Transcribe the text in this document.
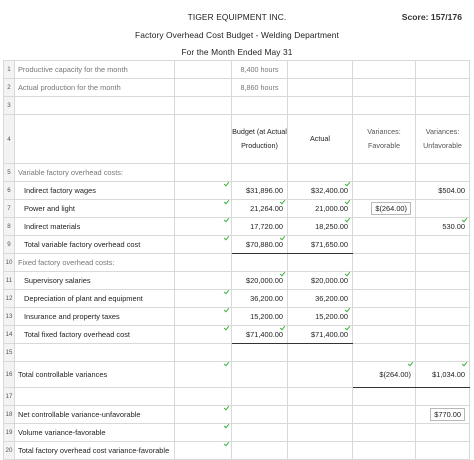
TIGER EQUIPMENT INC.
Factory Overhead Cost Budget - Welding Department
For the Month Ended May 31
Score: 157/176
1	Productive capacity for the month		8,400 hours			
2	Actual production for the month		8,860 hours			
3						
4			Budget (at Actual Production)	Actual	Variances: Favorable	Variances: Unfavorable
5	Variable factory overhead costs:					
6	Indirect factory wages		$31,896.00	$32,400.00		$504.00
7	Power and light		21,264.00	21,000.00	$(264.00)	
8	Indirect materials		17,720.00	18,250.00		530.00

9	Total variable factory overhead cost		$70,880.00	$71,650.00		
10	Fixed factory overhead costs:					
11	Supervisory salaries		$20,000.00	$20,000.00

12	Depreciation of plant and equipment		36,200.00	36,200.00		
13	Insurance and property taxes		15,200.00	15,200.00

14	Total fixed factory overhead cost		$71,400.00	$71,400.00

15						
16	Total controllable variances				$(264.00)	$1,034.00

17						
18	Net controllable variance-unfavorable					$770.00
19	Volume variance-favorable	

20	Total factory overhead cost variance-favorable	
